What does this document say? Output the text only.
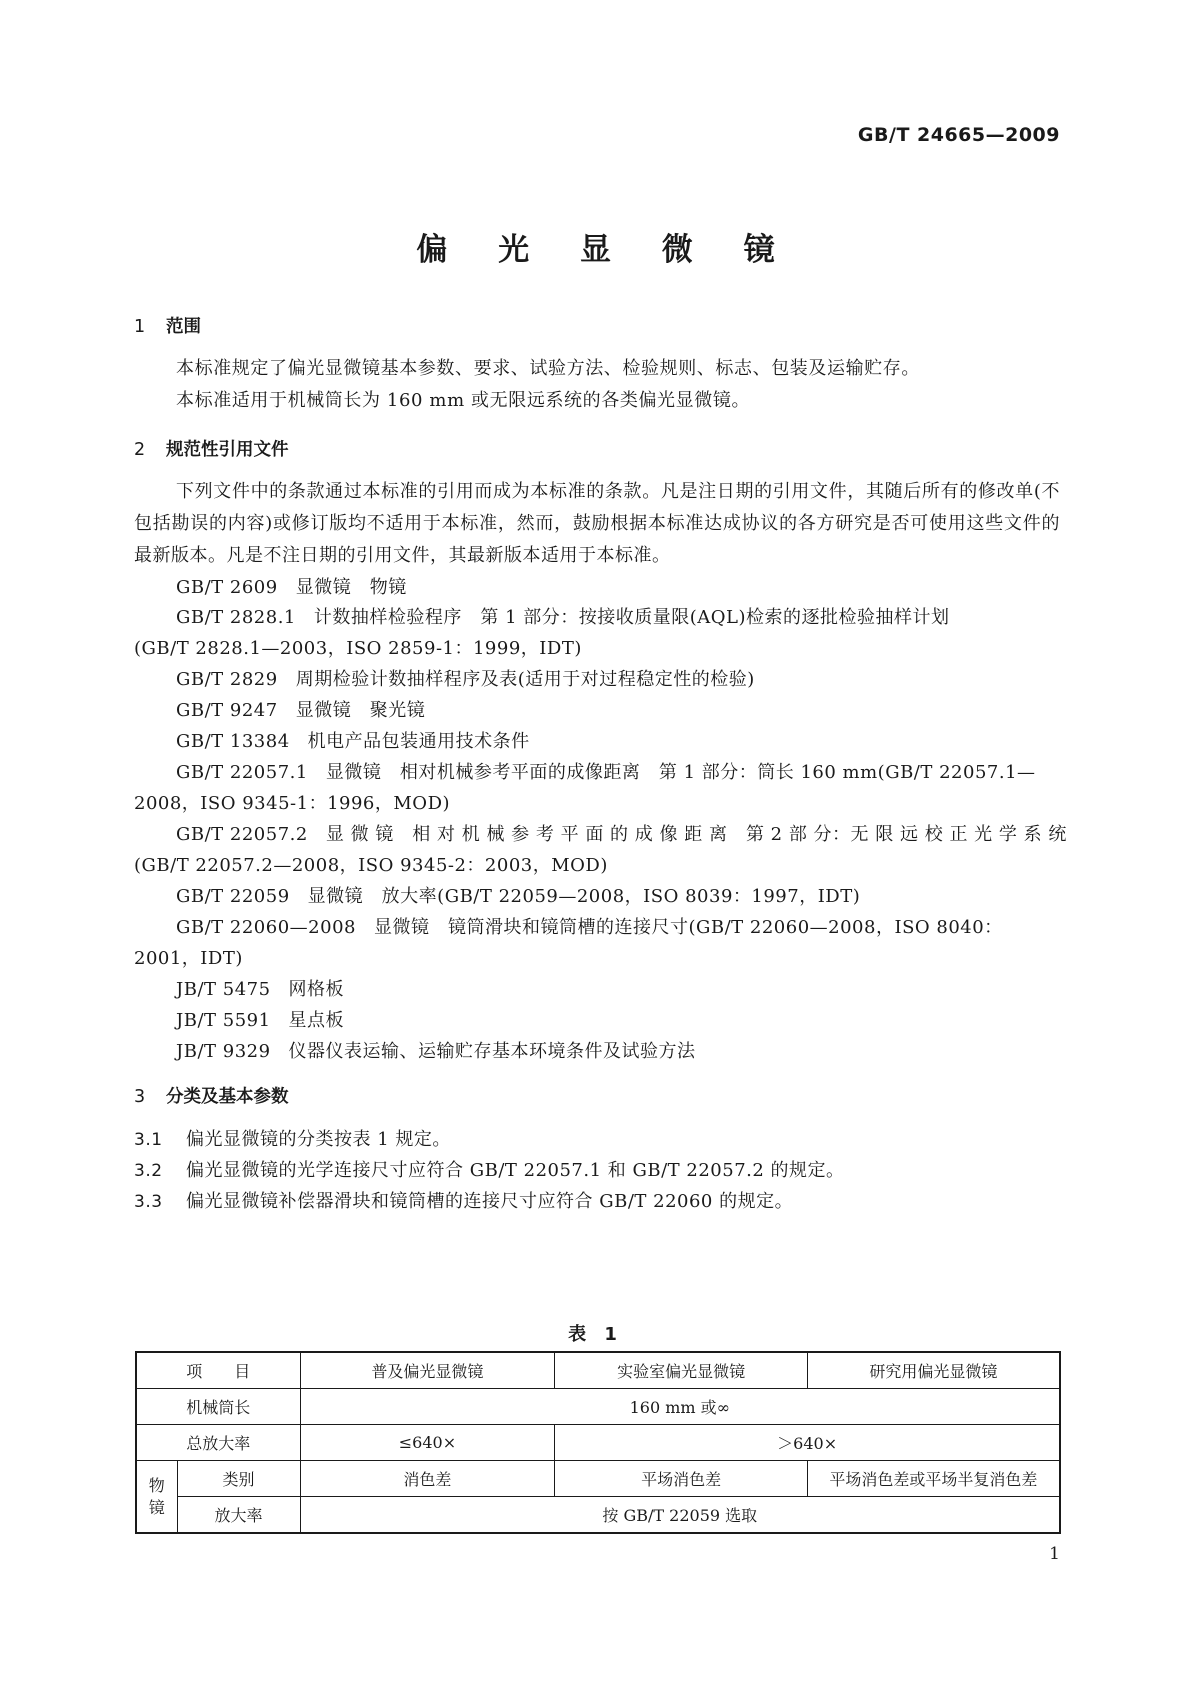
GB/T 24665—2009
偏 光 显 微 镜
1 范围
本标准规定了偏光显微镜基本参数、要求、试验方法、检验规则、标志、包装及运输贮存。
本标准适用于机械筒长为 160 mm 或无限远系统的各类偏光显微镜。
2 规范性引用文件
下列文件中的条款通过本标准的引用而成为本标准的条款。凡是注日期的引用文件，其随后所有的修改单(不包括勘误的内容)或修订版均不适用于本标准，然而，鼓励根据本标准达成协议的各方研究是否可使用这些文件的最新版本。凡是不注日期的引用文件，其最新版本适用于本标准。
GB/T 2609 显微镜　物镜
GB/T 2828.1 计数抽样检验程序　第 1 部分：按接收质量限(AQL)检索的逐批检验抽样计划
(GB/T 2828.1—2003，ISO 2859-1：1999，IDT)
GB/T 2829 周期检验计数抽样程序及表(适用于对过程稳定性的检验)
GB/T 9247 显微镜　聚光镜
GB/T 13384 机电产品包装通用技术条件
GB/T 22057.1 显微镜　相对机械参考平面的成像距离　第 1 部分：筒长 160 mm(GB/T 22057.1—
2008，ISO 9345-1：1996，MOD)
GB/T 22057.2 显 微 镜　相 对 机 械 参 考 平 面 的 成 像 距 离　第 2 部 分：无 限 远 校 正 光 学 系 统
(GB/T 22057.2—2008，ISO 9345-2：2003，MOD)
GB/T 22059 显微镜　放大率(GB/T 22059—2008，ISO 8039：1997，IDT)
GB/T 22060—2008 显微镜　镜筒滑块和镜筒槽的连接尺寸(GB/T 22060—2008，ISO 8040：
2001，IDT)
JB/T 5475 网格板
JB/T 5591 星点板
JB/T 9329 仪器仪表运输、运输贮存基本环境条件及试验方法
3 分类及基本参数
3.1 偏光显微镜的分类按表 1 规定。
3.2 偏光显微镜的光学连接尺寸应符合 GB/T 22057.1 和 GB/T 22057.2 的规定。
3.3 偏光显微镜补偿器滑块和镜筒槽的连接尺寸应符合 GB/T 22060 的规定。
表 1
项　　目		普及偏光显微镜	实验室偏光显微镜	研究用偏光显微镜
机械筒长		160 mm 或∞		
总放大率		≤640×	＞640×	
物镜	类别	消色差	平场消色差	平场消色差或平场半复消色差
	放大率	按 GB/T 22059 选取		
1
